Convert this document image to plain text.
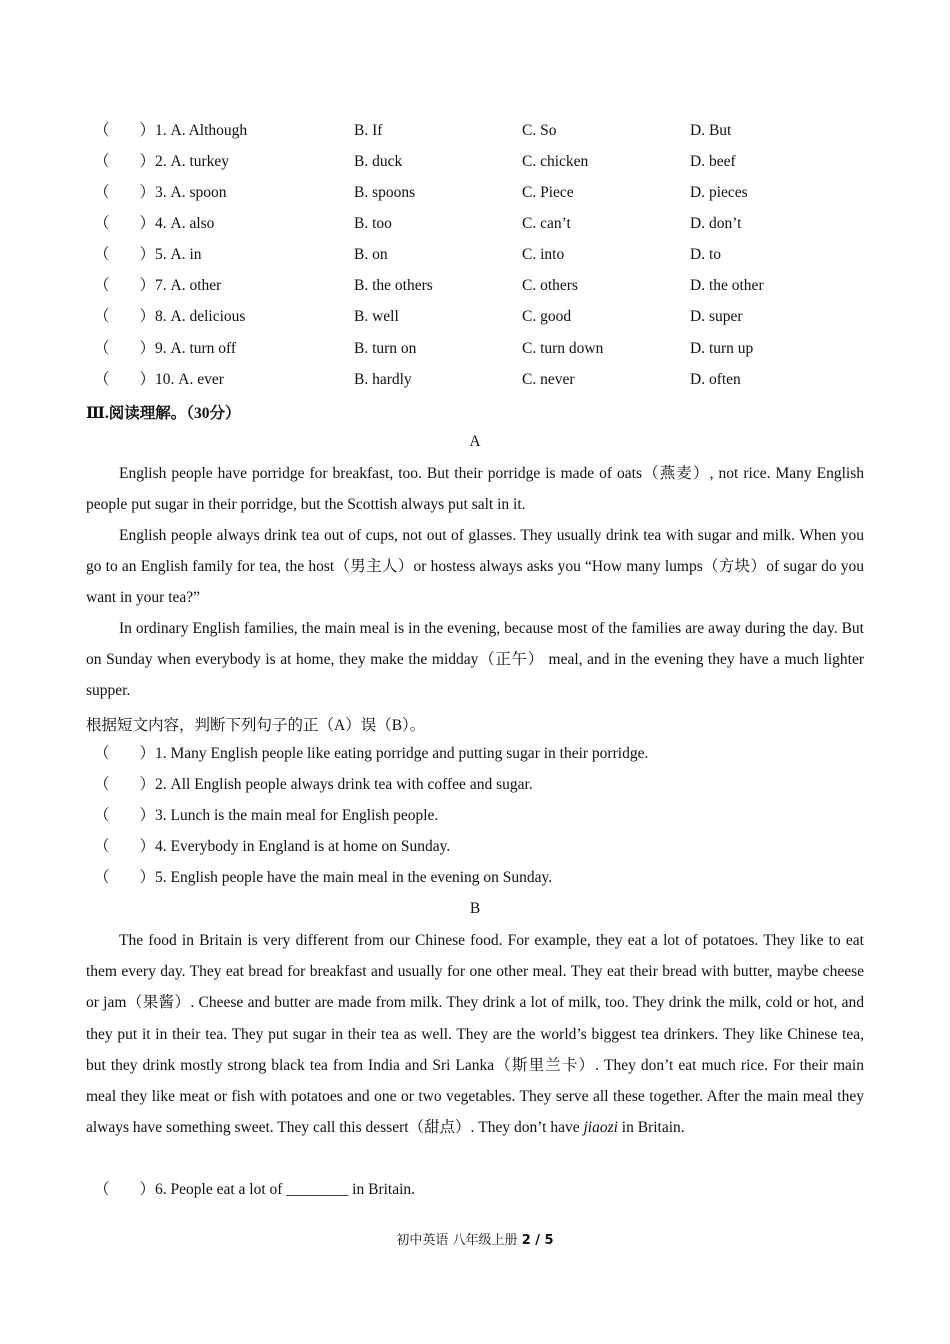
（ ）1. A. Although	B. If	C. So	D. But
（ ）2. A. turkey	B. duck	C. chicken	D. beef
（ ）3. A. spoon	B. spoons	C. Piece	D. pieces
（ ）4. A. also	B. too	C. can’t	D. don’t
（ ）5. A. in	B. on	C. into	D. to
（ ）7. A. other	B. the others	C. others	D. the other
（ ）8. A. delicious	B. well	C. good	D. super
（ ）9. A. turn off	B. turn on	C. turn down	D. turn up
（ ）10. A. ever	B. hardly	C. never	D. often
Ⅲ.阅读理解。（30分）
A

English people have porridge for breakfast, too. But their porridge is made of oats（燕麦）, not rice. Many English people put sugar in their porridge, but the Scottish always put salt in it.

English people always drink tea out of cups, not out of glasses. They usually drink tea with sugar and milk. When you go to an English family for tea, the host（男主人）or hostess always asks you “How many lumps（方块）of sugar do you want in your tea?”

In ordinary English families, the main meal is in the evening, because most of the families are away during the day. But on Sunday when everybody is at home, they make the midday（正午） meal, and in the evening they have a much lighter supper.

根据短文内容，判断下列句子的正（A）误（B）。
（ ）1. Many English people like eating porridge and putting sugar in their porridge.
（ ）2. All English people always drink tea with coffee and sugar.
（ ）3. Lunch is the main meal for English people.
（ ）4. Everybody in England is at home on Sunday.
（ ）5. English people have the main meal in the evening on Sunday.
B

The food in Britain is very different from our Chinese food. For example, they eat a lot of potatoes. They like to eat them every day. They eat bread for breakfast and usually for one other meal. They eat their bread with butter, maybe cheese or jam（果酱）. Cheese and butter are made from milk. They drink a lot of milk, too. They drink the milk, cold or hot, and they put it in their tea. They put sugar in their tea as well. They are the world’s biggest tea drinkers. They like Chinese tea, but they drink mostly strong black tea from India and Sri Lanka（斯里兰卡）. They don’t eat much rice. For their main meal they like meat or fish with potatoes and one or two vegetables. They serve all these together. After the main meal they always have something sweet. They call this dessert（甜点）. They don’t have jiaozi in Britain.

（ ）6. People eat a lot of ________ in Britain.
初中英语 八年级上册 2 / 5
